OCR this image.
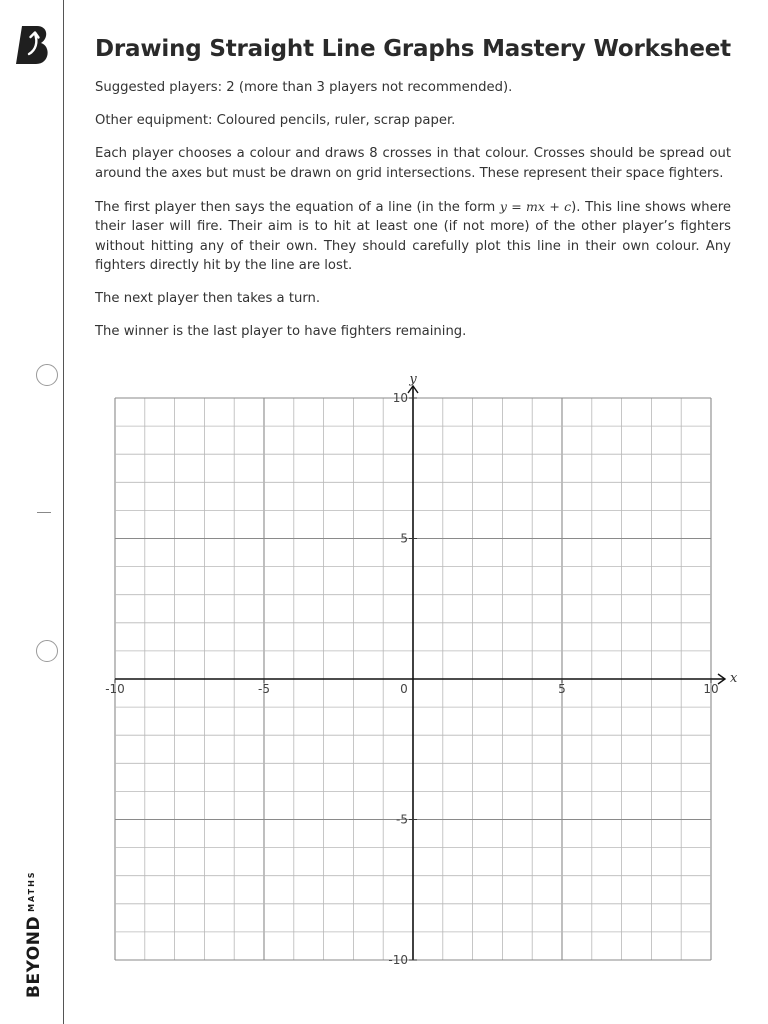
$BEYOND^{MATHS}$
Drawing Straight Line Graphs Mastery Worksheet

Suggested players: 2 (more than 3 players not recommended).

Other equipment: Coloured pencils, ruler, scrap paper.

Each player chooses a colour and draws 8 crosses in that colour. Crosses should be spread out around the axes but must be drawn on grid intersections. These represent their space fighters.

The first player then says the equation of a line (in the form y = mx + c). This line shows where their laser will fire. Their aim is to hit at least one (if not more) of the other player’s fighters without hitting any of their own. They should carefully plot this line in their own colour. Any fighters directly hit by the line are lost.

The next player then takes a turn.

The winner is the last player to have fighters remaining.

-10	-5	5	10
0
10
5
-5
-10
x
y
